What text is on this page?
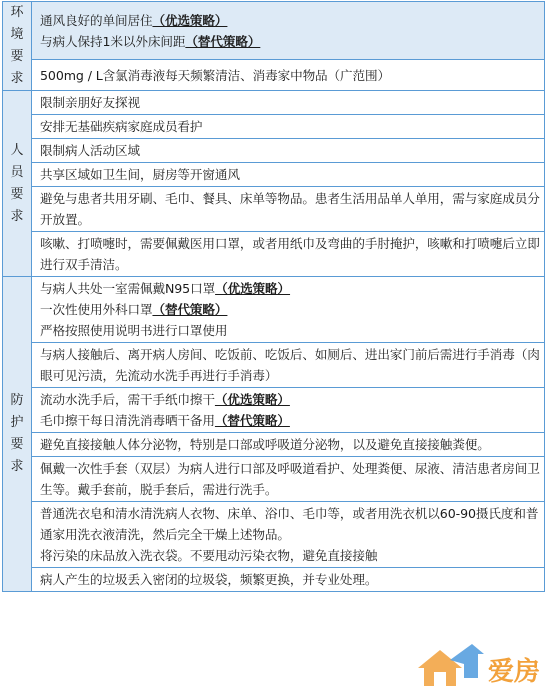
环
境
要
求	通风良好的单间居住（优选策略）
与病人保持1米以外床间距（替代策略）

	500mg / L含氯消毒液每天频繁清洁、消毒家中物品（广范围）

人
员
要
求	限制亲朋好友探视

	安排无基础疾病家庭成员看护

	限制病人活动区域

	共享区域如卫生间，厨房等开窗通风

	避免与患者共用牙刷、毛巾、餐具、床单等物品。患者生活用品单人单用，需与家庭成员分开放置。

	咳嗽、打喷嚏时，需要佩戴医用口罩，或者用纸巾及弯曲的手肘掩护，咳嗽和打喷嚏后立即进行双手清洁。

防
护
要
求	与病人共处一室需佩戴N95口罩（优选策略）
一次性使用外科口罩（替代策略）
严格按照使用说明书进行口罩使用

	与病人接触后、离开病人房间、吃饭前、吃饭后、如厕后、进出家门前后需进行手消毒（肉眼可见污渍，先流动水洗手再进行手消毒）

	流动水洗手后，需干手纸巾擦干（优选策略）
毛巾擦干每日清洗消毒晒干备用（替代策略）

	避免直接接触人体分泌物，特别是口部或呼吸道分泌物，以及避免直接接触粪便。

	佩戴一次性手套（双层）为病人进行口部及呼吸道看护、处理粪便、尿液、清洁患者房间卫生等。戴手套前，脱手套后，需进行洗手。

	普通洗衣皂和清水清洗病人衣物、床单、浴巾、毛巾等，或者用洗衣机以60-90摄氏度和普通家用洗衣液清洗，然后完全干燥上述物品。
将污染的床品放入洗衣袋。不要甩动污染衣物，避免直接接触

	病人产生的垃圾丢入密闭的垃圾袋，频繁更换，并专业处理。
爱房
